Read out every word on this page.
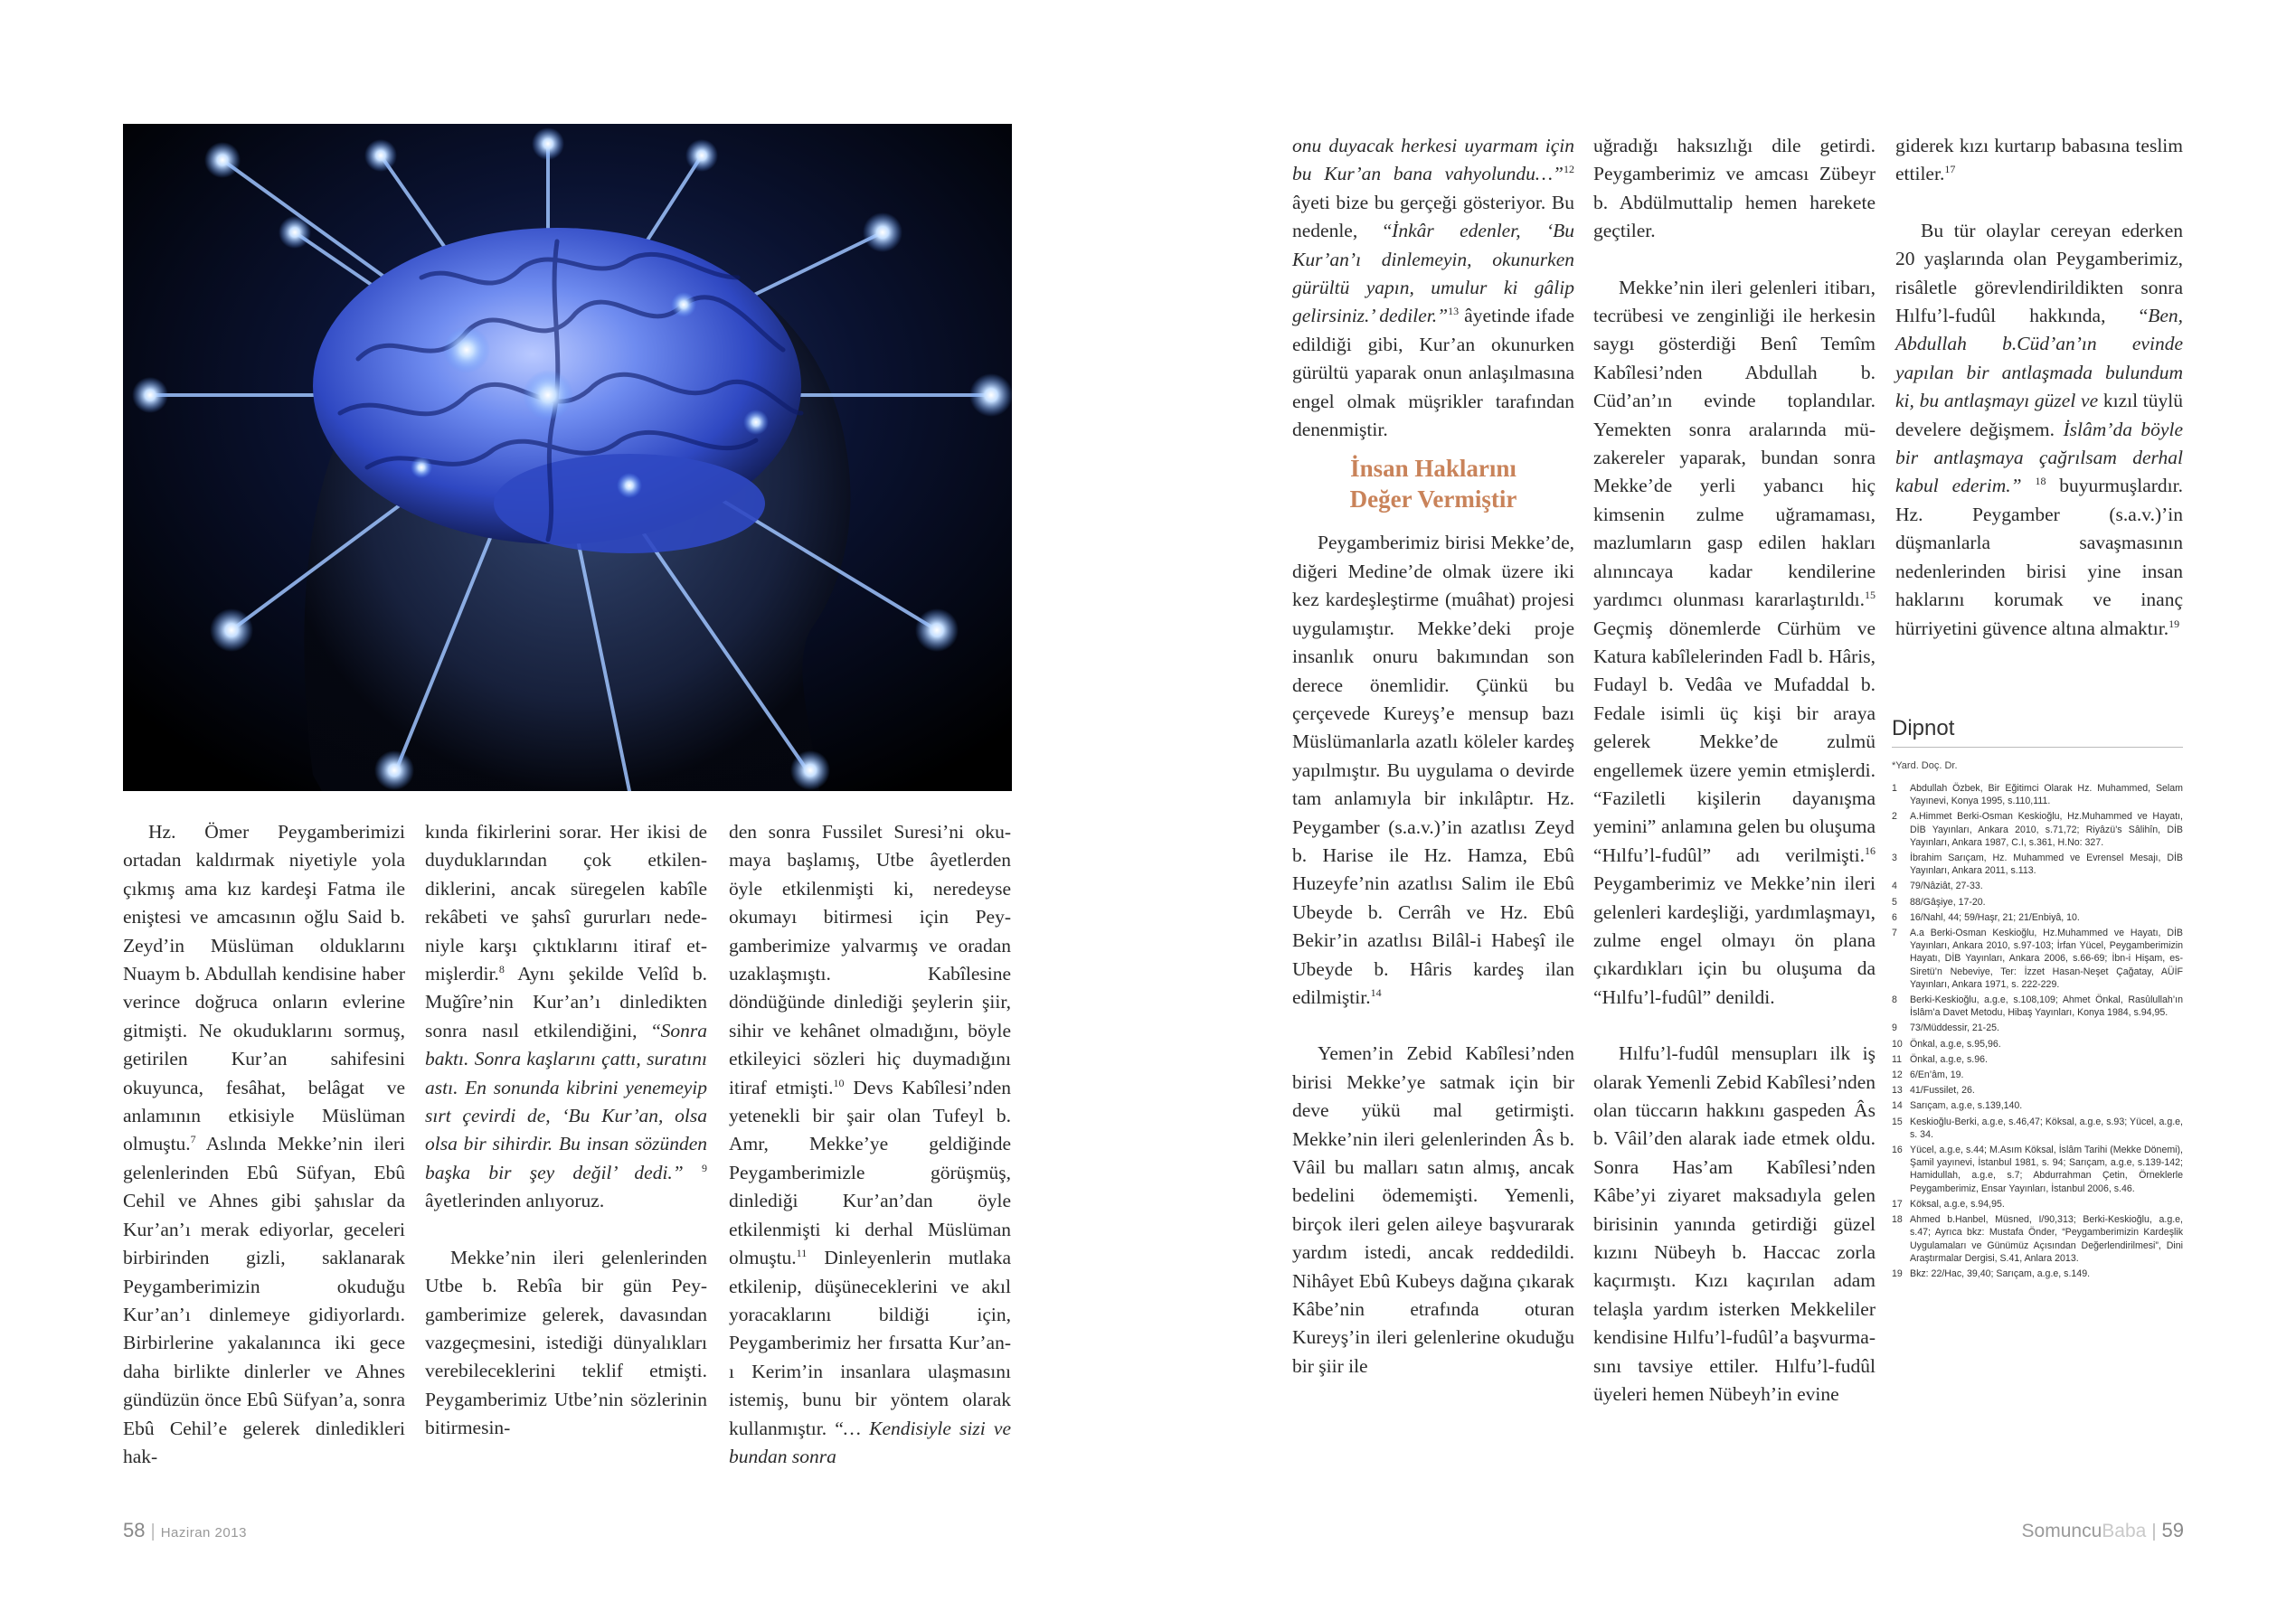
Hz. Ömer Peygamberimizi ortadan kaldırmak niyetiyle yola çıkmış ama kız kardeşi Fatma ile eniştesi ve amcasının oğlu Said b. Zeyd’in Müslüman olduklarını Nuaym b. Abdullah kendisine haber verince doğruca onların evlerine gitmişti. Ne okuduklarını sormuş, getirilen Kur’an sahifesini okuyunca, fesâhat, belâgat ve anlamının etkisiyle Müslüman olmuştu.$^7$ Aslında Mekke’nin ileri gelenlerinden Ebû Süfyan, Ebû Cehil ve Ahnes gibi şahıslar da Kur’an’ı merak ediyorlar, geceleri birbirinden gizli, saklanarak Peygamberimizin okuduğu Kur’an’ı dinlemeye gidiyorlardı. Birbirlerine yakalanınca iki gece daha birlikte dinlerler ve Ahnes gündüzün önce Ebû Süfyan’a, sonra Ebû Cehil’e gelerek dinledikleri hak-

kında fikirlerini sorar. Her ikisi de duyduklarından çok etkilendiklerini, ancak süregelen kabîle rekâbeti ve şahsî gururları nedeniyle karşı çıktıklarını itiraf etmişlerdir.$^8$ Aynı şekilde Velîd b. Muğîre’nin Kur’an’ı dinledikten sonra nasıl etkilendiğini, “Sonra baktı. Sonra kaşlarını çattı, suratını astı. En sonunda kibrini yenemeyip sırt çevirdi de, ‘Bu Kur’an, olsa olsa bir sihirdir. Bu insan sözünden başka bir şey değil’ dedi.” $^9$ âyetlerinden anlıyoruz.

Mekke’nin ileri gelenlerinden Utbe b. Rebîa bir gün Peygamberimize gelerek, davasından vazgeçmesini, istediği dünyalıkları verebileceklerini teklif etmişti. Peygamberimiz Utbe’nin sözlerinin bitirmesin-

den sonra Fussilet Suresi’ni okumaya başlamış, Utbe âyetlerden öyle etkilenmişti ki, neredeyse okumayı bitirmesi için Peygamberimize yalvarmış ve oradan uzaklaşmıştı. Kabîlesine döndüğünde dinlediği şeylerin şiir, sihir ve kehânet olmadığını, böyle etkileyici sözleri hiç duymadığını itiraf etmişti.$^{10}$ Devs Kabîlesi’nden yetenekli bir şair olan Tufeyl b. Amr, Mekke’ye geldiğinde Peygamberimizle görüşmüş, dinlediği Kur’an’dan öyle etkilenmişti ki derhal Müslüman olmuştu.$^{11}$ Dinleyenlerin mutlaka etkilenip, düşüneceklerini ve akıl yoracaklarını bildiği için, Peygamberimiz her fırsatta Kur’an-ı Kerim’in insanlara ulaşmasını istemiş, bunu bir yöntem olarak kullanmıştır. “… Kendisiyle sizi ve bundan sonra

58 | Haziran 2013

onu duyacak herkesi uyarmam için bu Kur’an bana vahyolundu…”$^{12}$ âyeti bize bu gerçeği gösteriyor. Bu nedenle, “İnkâr edenler, ‘Bu Kur’an’ı dinlemeyin, okunurken gürültü yapın, umulur ki gâlip gelirsiniz.’ dediler.”$^{13}$ âyetinde ifade edildiği gibi, Kur’an okunurken gürültü yaparak onun anlaşılmasına engel olmak müşrikler tarafından denenmiştir.

İnsan Haklarını
Değer Vermiştir

Peygamberimiz birisi Mekke’de, diğeri Medine’de olmak üzere iki kez kardeşleştirme (muâhat) projesi uygulamıştır. Mekke’deki proje insanlık onuru bakımından son derece önemlidir. Çünkü bu çerçevede Kureyş’e mensup bazı Müslümanlarla azatlı köleler kardeş yapılmıştır. Bu uygulama o devirde tam anlamıyla bir inkılâptır. Hz. Peygamber (s.a.v.)’in azatlısı Zeyd b. Harise ile Hz. Hamza, Ebû Huzeyfe’nin azatlısı Salim ile Ebû Ubeyde b. Cerrâh ve Hz. Ebû Bekir’in azatlısı Bilâl-i Habeşî ile Ubeyde b. Hâris kardeş ilan edilmiştir.$^{14}$

Yemen’in Zebid Kabîlesi’nden birisi Mekke’ye satmak için bir deve yükü mal getirmişti. Mekke’nin ileri gelenlerinden Âs b. Vâil bu malları satın almış, ancak bedelini ödememişti. Yemenli, birçok ileri gelen aileye başvurarak yardım istedi, ancak reddedildi. Nihâyet Ebû Kubeys dağına çıkarak Kâbe’nin etrafında oturan Kureyş’in ileri gelenlerine okuduğu bir şiir ile

uğradığı haksızlığı dile getirdi. Peygamberimiz ve amcası Zübeyr b. Abdülmuttalip hemen harekete geçtiler.

Mekke’nin ileri gelenleri itibarı, tecrübesi ve zenginliği ile herkesin saygı gösterdiği Benî Temîm Kabîlesi’nden Abdullah b. Cüd’an’ın evinde toplandılar. Yemekten sonra aralarında müzakereler yaparak, bundan sonra Mekke’de yerli yabancı hiç kimsenin zulme uğramaması, mazlumların gasp edilen hakları alınıncaya kadar kendilerine yardımcı olunması kararlaştırıldı.$^{15}$ Geçmiş dönemlerde Cürhüm ve Katura kabîlelerinden Fadl b. Hâris, Fudayl b. Vedâa ve Mufaddal b. Fedale isimli üç kişi bir araya gelerek Mekke’de zulmü engellemek üzere yemin etmişlerdi. “Faziletli kişilerin dayanışma yemini” anlamına gelen bu oluşuma “Hılfu’l-fudûl” adı verilmişti.$^{16}$ Peygamberimiz ve Mekke’nin ileri gelenleri kardeşliği, yardımlaşmayı, zulme engel olmayı ön plana çıkardıkları için bu oluşuma da “Hılfu’l-fudûl” denildi.

Hılfu’l-fudûl mensupları ilk iş olarak Yemenli Zebid Kabîlesi’nden olan tüccarın hakkını gaspeden Âs b. Vâil’den alarak iade etmek oldu. Sonra Has’am Kabîlesi’nden Kâbe’yi ziyaret maksadıyla gelen birisinin yanında getirdiği güzel kızını Nübeyh b. Haccac zorla kaçırmıştı. Kızı kaçırılan adam telaşla yardım isterken Mekkeliler kendisine Hılfu’l-fudûl’a başvurmasını tavsiye ettiler. Hılfu’l-fudûl üyeleri hemen Nübeyh’in evine

giderek kızı kurtarıp babasına teslim ettiler.$^{17}$

Bu tür olaylar cereyan ederken 20 yaşlarında olan Peygamberimiz, risâletle görevlendirildikten sonra Hılfu’l-fudûl hakkında, “Ben, Abdullah b.Cüd’an’ın evinde yapılan bir antlaşmada bulundum ki, bu antlaşmayı güzel ve kızıl tüylü develere değişmem. İslâm’da böyle bir antlaşmaya çağrılsam derhal kabul ederim.” $^{18}$ buyurmuşlardır. Hz. Peygamber (s.a.v.)’in düşmanlarla savaşmasının nedenlerinden birisi yine insan haklarını korumak ve inanç hürriyetini güvence altına almaktır.$^{19}$

Dipnot
*Yard. Doç. Dr.
1	Abdullah Özbek, Bir Eğitimci Olarak Hz. Muhammed, Selam Yayınevi, Konya 1995, s.110,111.
2	A.Himmet Berki-Osman Keskioğlu, Hz.Muhammed ve Hayatı, DİB Yayınları, Ankara 2010, s.71,72; Riyâzü’s Sâlihîn, DİB Yayınları, Ankara 1987, C.I, s.361, H.No: 327.
3	İbrahim Sarıçam, Hz. Muhammed ve Evrensel Mesajı, DİB Yayınları, Ankara 2011, s.113.
4	79/Nâziât, 27-33.
5	88/Gâşiye, 17-20.
6	16/Nahl, 44; 59/Haşr, 21; 21/Enbiyâ, 10.
7	A.a Berki-Osman Keskioğlu, Hz.Muhammed ve Hayatı, DİB Yayınları, Ankara 2010, s.97-103; İrfan Yücel, Peygamberimizin Hayatı, DİB Yayınları, Ankara 2006, s.66-69; İbn-i Hişam, es-Siretü’n Nebeviye, Ter: İzzet Hasan-Neşet Çağatay, AÜİF Yayınları, Ankara 1971, s. 222-229.
8	Berki-Keskioğlu, a.g.e, s.108,109; Ahmet Önkal, Rasûlullah’ın İslâm’a Davet Metodu, Hibaş Yayınları, Konya 1984, s.94,95.
9	73/Müddessir, 21-25.
10 Önkal, a.g.e, s.95,96.
11 Önkal, a.g.e, s.96.
12 6/En’âm, 19.
13 41/Fussilet, 26.
14 Sarıçam, a.g.e, s.139,140.
15 Keskioğlu-Berki, a.g.e, s.46,47; Köksal, a.g.e, s.93; Yücel, a.g.e, s. 34.
16 Yücel, a.g.e, s.44; M.Asım Köksal, İslâm Tarihi (Mekke Dönemi), Şamil yayınevi, İstanbul 1981, s. 94; Sarıçam, a.g.e, s.139-142; Hamidullah, a.g.e, s.7; Abdurrahman Çetin, Örneklerle Peygamberimiz, Ensar Yayınları, İstanbul 2006, s.46.
17 Köksal, a.g.e, s.94,95.
18 Ahmed b.Hanbel, Müsned, I/90,313; Berki-Keskioğlu, a.g.e, s.47; Ayrıca bkz: Mustafa Önder, “Peygamberimizin Kardeşlik Uygulamaları ve Günümüz Açısından Değerlendirilmesi”, Dini Araştırmalar Dergisi, S.41, Anlara 2013.
19 Bkz: 22/Hac, 39,40; Sarıçam, a.g.e, s.149.
SomuncuBaba | 59
